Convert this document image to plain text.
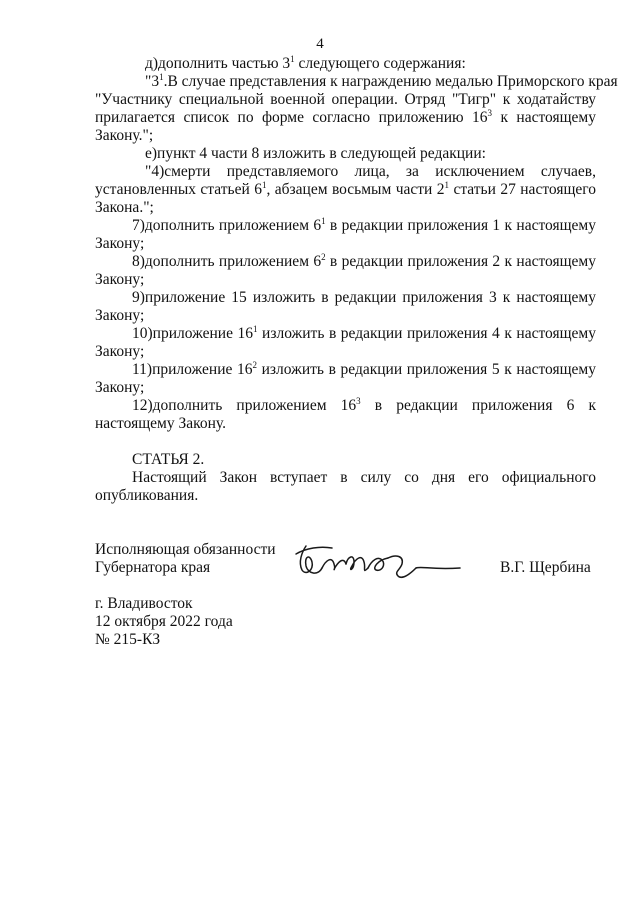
4
д)дополнить частью $3^1$ следующего содержания:
"$3^1.В$ случае представления к награждению медалью Приморского края
"Участнику специальной военной операции. Отряд "Тигр" к ходатайству
прилагается список по форме согласно приложению $16^3$ к настоящему
Закону.";
е)пункт 4 части 8 изложить в следующей редакции:
"4)смерти представляемого лица, за исключением случаев,
установленных статьей $6^1$, абзацем восьмым части $2^1$ статьи 27 настоящего
Закона.";
7)дополнить приложением $6^1$ в редакции приложения 1 к настоящему
Закону;
8)дополнить приложением $6^2$ в редакции приложения 2 к настоящему
Закону;
9)приложение 15 изложить в редакции приложения 3 к настоящему
Закону;
10)приложение $16^1$ изложить в редакции приложения 4 к настоящему
Закону;
11)приложение $16^2$ изложить в редакции приложения 5 к настоящему
Закону;
12)дополнить приложением $16^3$ в редакции приложения 6 к
настоящему Закону.
СТАТЬЯ 2.
Настоящий Закон вступает в силу со дня его официального
опубликования.
Исполняющая обязанности
Губернатора края	В.Г. Щербина
г. Владивосток
12 октября 2022 года
№ 215-КЗ
